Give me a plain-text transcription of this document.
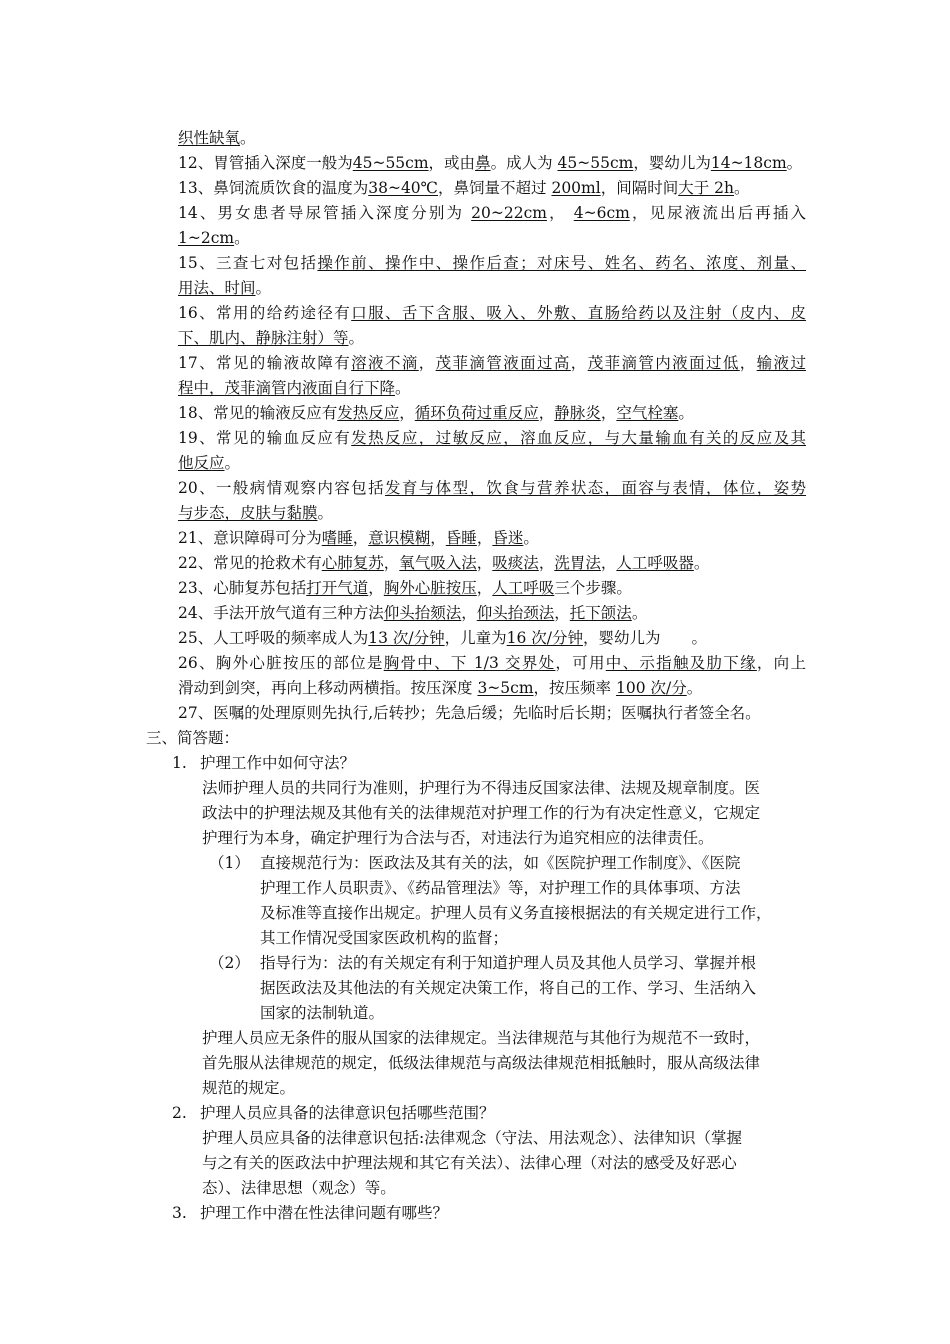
织性缺氧。
12、胃管插入深度一般为45~55cm，或由鼻。成人为 45~55cm，婴幼儿为14~18cm。
13、鼻饲流质饮食的温度为38~40℃，鼻饲量不超过 200ml，间隔时间大于 2h。
14、男女患者导尿管插入深度分别为 20~22cm， 4~6cm，见尿液流出后再插入
1~2cm。
15、三查七对包括操作前、操作中、操作后查；对床号、姓名、药名、浓度、剂量、
用法、时间。
16、常用的给药途径有口服、舌下含服、吸入、外敷、直肠给药以及注射（皮内、皮
下、肌内、静脉注射）等。
17、常见的输液故障有溶液不滴，茂菲滴管液面过高，茂菲滴管内液面过低，输液过
程中，茂菲滴管内液面自行下降。
18、常见的输液反应有发热反应，循环负荷过重反应，静脉炎，空气栓塞。
19、常见的输血反应有发热反应，过敏反应，溶血反应，与大量输血有关的反应及其
他反应。
20、一般病情观察内容包括发育与体型，饮食与营养状态，面容与表情，体位，姿势
与步态，皮肤与黏膜。
21、意识障碍可分为嗜睡，意识模糊，昏睡，昏迷。
22、常见的抢救术有心肺复苏，氧气吸入法，吸痰法，洗胃法，人工呼吸器。
23、心肺复苏包括打开气道，胸外心脏按压，人工呼吸三个步骤。
24、手法开放气道有三种方法仰头抬颏法，仰头抬颈法，托下颌法。
25、人工呼吸的频率成人为13 次/分钟，儿童为16 次/分钟，婴幼儿为　　。
26、胸外心脏按压的部位是胸骨中、下 1/3 交界处，可用中、示指触及肋下缘，向上
滑动到剑突，再向上移动两横指。按压深度 3~5cm，按压频率 100 次/分。
27、医嘱的处理原则先执行,后转抄；先急后缓；先临时后长期；医嘱执行者签全名。
三、简答题：
1. 护理工作中如何守法？
法师护理人员的共同行为准则，护理行为不得违反国家法律、法规及规章制度。医
政法中的护理法规及其他有关的法律规范对护理工作的行为有决定性意义，它规定
护理行为本身，确定护理行为合法与否，对违法行为追究相应的法律责任。
（1） 直接规范行为：医政法及其有关的法，如《医院护理工作制度》、《医院
护理工作人员职责》、《药品管理法》等，对护理工作的具体事项、方法
及标准等直接作出规定。护理人员有义务直接根据法的有关规定进行工作，
其工作情况受国家医政机构的监督；
（2） 指导行为：法的有关规定有利于知道护理人员及其他人员学习、掌握并根
据医政法及其他法的有关规定决策工作，将自己的工作、学习、生活纳入
国家的法制轨道。
护理人员应无条件的服从国家的法律规定。当法律规范与其他行为规范不一致时，
首先服从法律规范的规定，低级法律规范与高级法律规范相抵触时，服从高级法律
规范的规定。
2. 护理人员应具备的法律意识包括哪些范围？
护理人员应具备的法律意识包括:法律观念（守法、用法观念）、法律知识（掌握
与之有关的医政法中护理法规和其它有关法）、法律心理（对法的感受及好恶心
态）、法律思想（观念）等。
3. 护理工作中潜在性法律问题有哪些？
